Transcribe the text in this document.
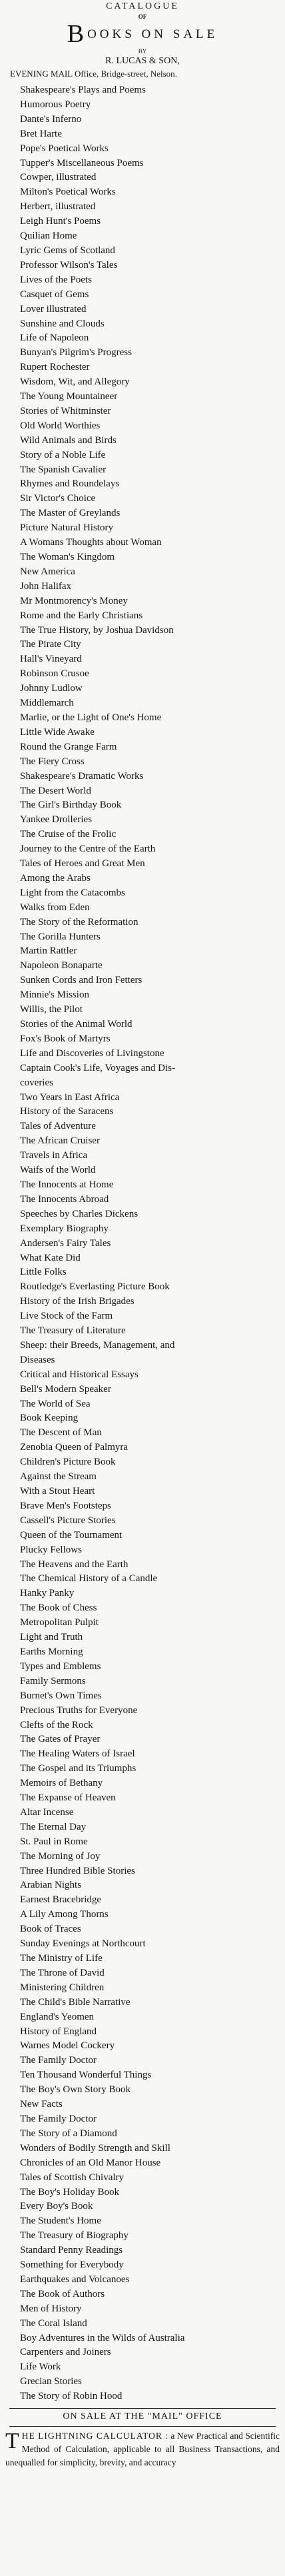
CATALOGUE
OF
BOOKS ON SALE
BY
R. LUCAS & SON,
EVENING MAIL Office, Bridge-street, Nelson.
Shakespeare's Plays and Poems
Humorous Poetry
Dante's Inferno
Bret Harte
Pope's Poetical Works
Tupper's Miscellaneous Poems
Cowper, illustrated
Milton's Poetical Works
Herbert, illustrated
Leigh Hunt's Poems
Quilian Home
Lyric Gems of Scotland
Professor Wilson's Tales
Lives of the Poets
Casquet of Gems
Lover illustrated
Sunshine and Clouds
Life of Napoleon
Bunyan's Pilgrim's Progress
Rupert Rochester
Wisdom, Wit, and Allegory
The Young Mountaineer
Stories of Whitminster
Old World Worthies
Wild Animals and Birds
Story of a Noble Life
The Spanish Cavalier
Rhymes and Roundelays
Sir Victor's Choice
The Master of Greylands
Picture Natural History
A Womans Thoughts about Woman
The Woman's Kingdom
New America
John Halifax
Mr Montmorency's Money
Rome and the Early Christians
The True History, by Joshua Davidson
The Pirate City
Hall's Vineyard
Robinson Crusoe
Johnny Ludlow
Middlemarch
Marlie, or the Light of One's Home
Little Wide Awake
Round the Grange Farm
The Fiery Cross
Shakespeare's Dramatic Works
The Desert World
The Girl's Birthday Book
Yankee Drolleries
The Cruise of the Frolic
Journey to the Centre of the Earth
Tales of Heroes and Great Men
Among the Arabs
Light from the Catacombs
Walks from Eden
The Story of the Reformation
The Gorilla Hunters
Martin Rattler
Napoleon Bonaparte
Sunken Cords and Iron Fetters
Minnie's Mission
Willis, the Pilot
Stories of the Animal World
Fox's Book of Martyrs
Life and Discoveries of Livingstone
Captain Cook's Life, Voyages and Dis-
coveries
Two Years in East Africa
History of the Saracens
Tales of Adventure
The African Cruiser
Travels in Africa
Waifs of the World
The Innocents at Home
The Innocents Abroad
Speeches by Charles Dickens
Exemplary Biography
Andersen's Fairy Tales
What Kate Did
Little Folks
Routledge's Everlasting Picture Book
History of the Irish Brigades
Live Stock of the Farm
The Treasury of Literature
Sheep: their Breeds, Management, and
Diseases
Critical and Historical Essays
Bell's Modern Speaker
The World of Sea
Book Keeping
The Descent of Man
Zenobia Queen of Palmyra
Children's Picture Book
Against the Stream
With a Stout Heart
Brave Men's Footsteps
Cassell's Picture Stories
Queen of the Tournament
Plucky Fellows
The Heavens and the Earth
The Chemical History of a Candle
Hanky Panky
The Book of Chess
Metropolitan Pulpit
Light and Truth
Earths Morning
Types and Emblems
Family Sermons
Burnet's Own Times
Precious Truths for Everyone
Clefts of the Rock
The Gates of Prayer
The Healing Waters of Israel
The Gospel and its Triumphs
Memoirs of Bethany
The Expanse of Heaven
Altar Incense
The Eternal Day
St. Paul in Rome
The Morning of Joy
Three Hundred Bible Stories
Arabian Nights
Earnest Bracebridge
A Lily Among Thorns
Book of Traces
Sunday Evenings at Northcourt
The Ministry of Life
The Throne of David
Ministering Children
The Child's Bible Narrative
England's Yeomen
History of England
Warnes Model Cockery
The Family Doctor
Ten Thousand Wonderful Things
The Boy's Own Story Book
New Facts
The Family Doctor
The Story of a Diamond
Wonders of Bodily Strength and Skill
Chronicles of an Old Manor House
Tales of Scottish Chivalry
The Boy's Holiday Book
Every Boy's Book
The Student's Home
The Treasury of Biography
Standard Penny Readings
Something for Everybody
Earthquakes and Volcanoes
The Book of Authors
Men of History
The Coral Island
Boy Adventures in the Wilds of Australia
Carpenters and Joiners
Life Work
Grecian Stories
The Story of Robin Hood
ON SALE AT THE "MAIL" OFFICE
THE LIGHTNING CALCULATOR : a New Practical and Scientific Method of Calculation, applicable to all Business Transactions, and unequalled for simplicity, brevity, and accuracy
